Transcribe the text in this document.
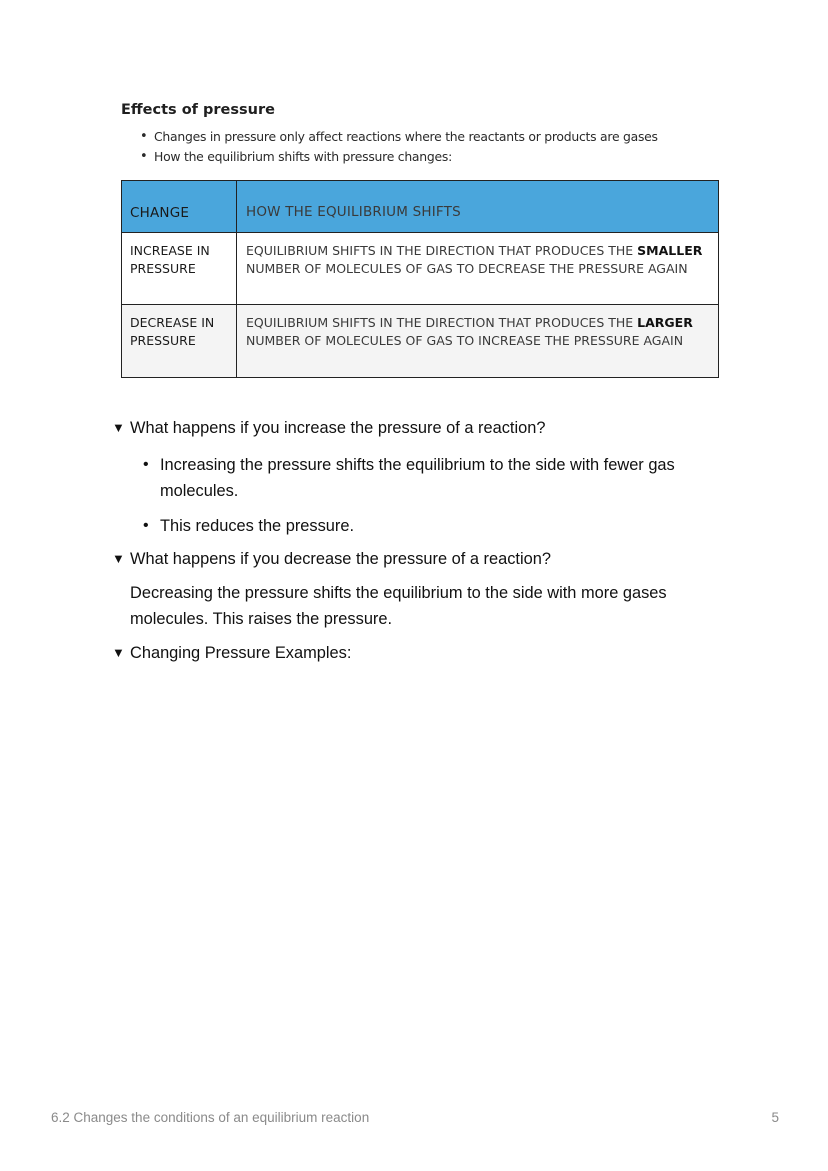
Effects of pressure
• Changes in pressure only affect reactions where the reactants or products are gases
• How the equilibrium shifts with pressure changes:
CHANGE	HOW THE EQUILIBRIUM SHIFTS
INCREASE IN PRESSURE
EQUILIBRIUM SHIFTS IN THE DIRECTION THAT PRODUCES THE SMALLER NUMBER OF MOLECULES OF GAS TO DECREASE THE PRESSURE AGAIN
DECREASE IN PRESSURE
EQUILIBRIUM SHIFTS IN THE DIRECTION THAT PRODUCES THE LARGER NUMBER OF MOLECULES OF GAS TO INCREASE THE PRESSURE AGAIN
▼ What happens if you increase the pressure of a reaction?
• Increasing the pressure shifts the equilibrium to the side with fewer gas molecules.
• This reduces the pressure.
▼ What happens if you decrease the pressure of a reaction?

Decreasing the pressure shifts the equilibrium to the side with more gases molecules. This raises the pressure.

▼ Changing Pressure Examples:

6.2 Changes the conditions of an equilibrium reaction	5
